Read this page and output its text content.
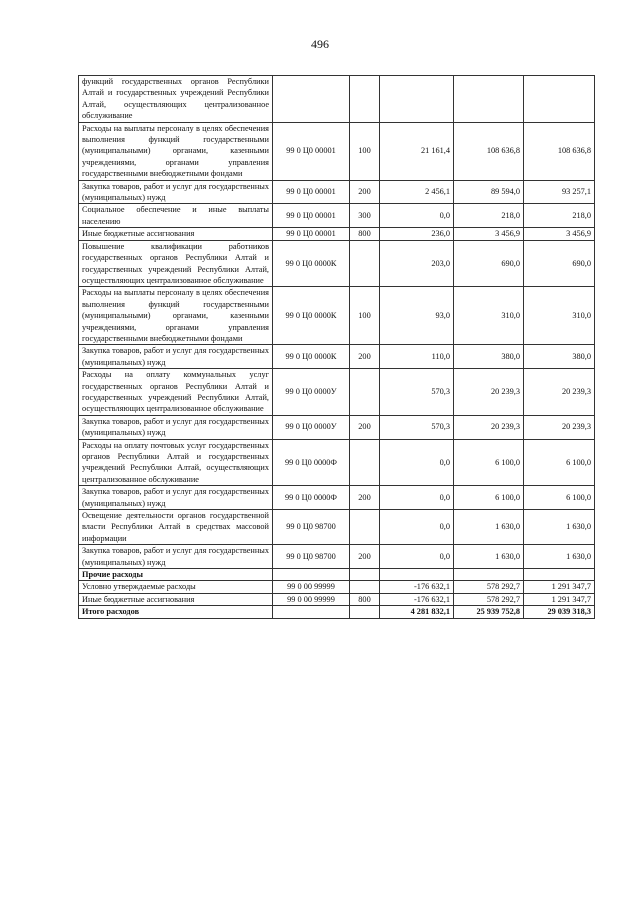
496
функций государственных органов Республики Алтай и государственных учреждений Республики Алтай, осуществляющих централизованное обслуживание					
Расходы на выплаты персоналу в целях обеспечения выполнения функций государственными (муниципальными) органами, казенными учреждениями, органами управления государственными внебюджетными фондами	99 0 Ц0 00001	100	21 161,4	108 636,8	108 636,8
Закупка товаров, работ и услуг для государственных (муниципальных) нужд	99 0 Ц0 00001	200	2 456,1	89 594,0	93 257,1
Социальное обеспечение и иные выплаты населению	99 0 Ц0 00001	300	0,0	218,0	218,0
Иные бюджетные ассигнования	99 0 Ц0 00001	800	236,0	3 456,9	3 456,9
Повышение квалификации работников государственных органов Республики Алтай и государственных учреждений Республики Алтай, осуществляющих централизованное обслуживание	99 0 Ц0 0000К		203,0	690,0	690,0
Расходы на выплаты персоналу в целях обеспечения выполнения функций государственными (муниципальными) органами, казенными учреждениями, органами управления государственными внебюджетными фондами	99 0 Ц0 0000К	100	93,0	310,0	310,0
Закупка товаров, работ и услуг для государственных (муниципальных) нужд	99 0 Ц0 0000К	200	110,0	380,0	380,0
Расходы на оплату коммунальных услуг государственных органов Республики Алтай и государственных учреждений Республики Алтай, осуществляющих централизованное обслуживание	99 0 Ц0 0000У		570,3	20 239,3	20 239,3
Закупка товаров, работ и услуг для государственных (муниципальных) нужд	99 0 Ц0 0000У	200	570,3	20 239,3	20 239,3
Расходы на оплату почтовых услуг государственных органов Республики Алтай и государственных учреждений Республики Алтай, осуществляющих централизованное обслуживание	99 0 Ц0 0000Ф		0,0	6 100,0	6 100,0
Закупка товаров, работ и услуг для государственных (муниципальных) нужд	99 0 Ц0 0000Ф	200	0,0	6 100,0	6 100,0
Освещение деятельности органов государственной власти Республики Алтай в средствах массовой информации	99 0 Ц0 98700		0,0	1 630,0	1 630,0
Закупка товаров, работ и услуг для государственных (муниципальных) нужд	99 0 Ц0 98700	200	0,0	1 630,0	1 630,0
Прочие расходы					
Условно утверждаемые расходы	99 0 00 99999		-176 632,1	578 292,7	1 291 347,7
Иные бюджетные ассигнования	99 0 00 99999	800	-176 632,1	578 292,7	1 291 347,7
Итого расходов			4 281 832,1	25 939 752,8	29 039 318,3
